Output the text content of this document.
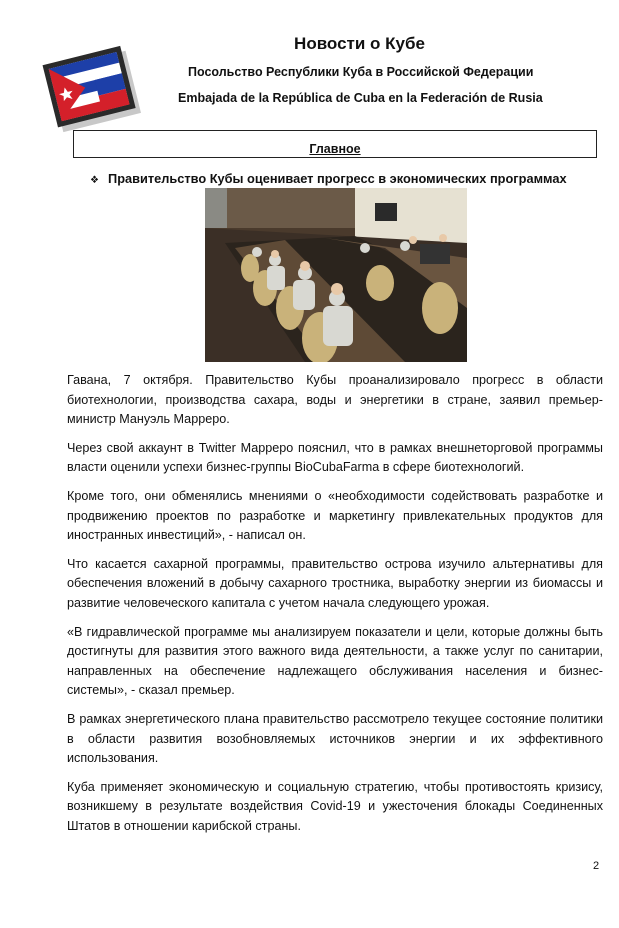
Новости о Кубе
Посольство Республики Куба в Российской Федерации
Embajada de la República de Cuba en la Federación de Rusia
Главное
❖ Правительство Кубы оценивает прогресс в экономических программах

Гавана, 7 октября. Правительство Кубы проанализировало прогресс в области биотехнологии, производства сахара, воды и энергетики в стране, заявил премьер-министр Мануэль Марреро.

Через свой аккаунт в Twitter Марреро пояснил, что в рамках внешнеторговой программы власти оценили успехи бизнес-группы BioCubaFarma в сфере биотехнологий.

Кроме того, они обменялись мнениями о «необходимости содействовать разработке и продвижению проектов по разработке и маркетингу привлекательных продуктов для иностранных инвестиций», - написал он.

Что касается сахарной программы, правительство острова изучило альтернативы для обеспечения вложений в добычу сахарного тростника, выработку энергии из биомассы и развитие человеческого капитала с учетом начала следующего урожая.

«В гидравлической программе мы анализируем показатели и цели, которые должны быть достигнуты для развития этого важного вида деятельности, а также услуг по санитарии, направленных на обеспечение надлежащего обслуживания населения и бизнес-системы», - сказал премьер.

В рамках энергетического плана правительство рассмотрело текущее состояние политики в области развития возобновляемых источников энергии и их эффективного использования.

Куба применяет экономическую и социальную стратегию, чтобы противостоять кризису, возникшему в результате воздействия Covid-19 и ужесточения блокады Соединенных Штатов в отношении карибской страны.

2
